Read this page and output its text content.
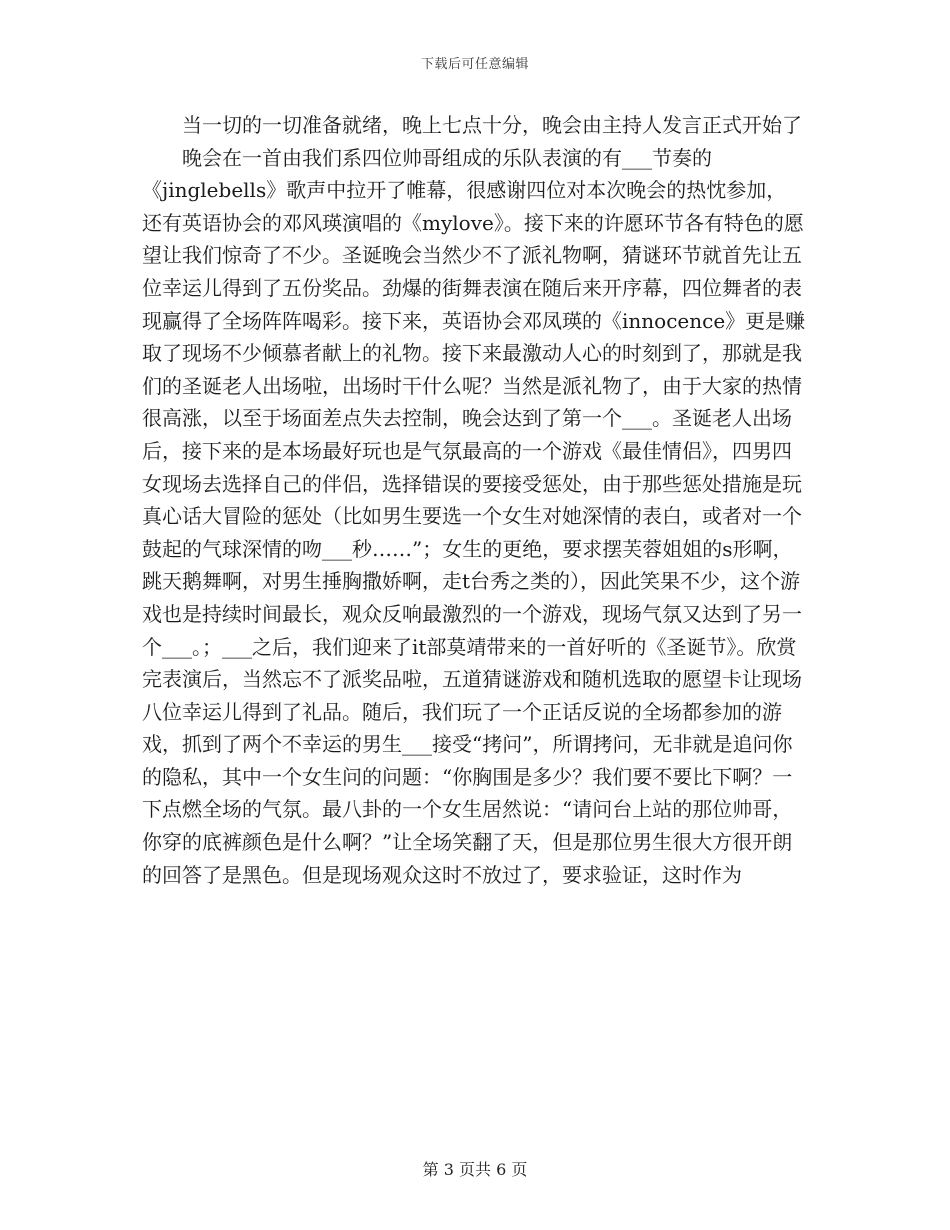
下载后可任意编辑

当一切的一切准备就绪，晚上七点十分，晚会由主持人发言正式开始了

晚会在一首由我们系四位帅哥组成的乐队表演的有___节奏的《jinglebells》歌声中拉开了帷幕，很感谢四位对本次晚会的热忱参加，还有英语协会的邓风瑛演唱的《mylove》。接下来的许愿环节各有特色的愿望让我们惊奇了不少。圣诞晚会当然少不了派礼物啊，猜谜环节就首先让五位幸运儿得到了五份奖品。劲爆的街舞表演在随后来开序幕，四位舞者的表现赢得了全场阵阵喝彩。接下来，英语协会邓凤瑛的《innocence》更是赚取了现场不少倾慕者献上的礼物。接下来最激动人心的时刻到了，那就是我们的圣诞老人出场啦，出场时干什么呢？当然是派礼物了，由于大家的热情很高涨，以至于场面差点失去控制，晚会达到了第一个___。圣诞老人出场后，接下来的是本场最好玩也是气氛最高的一个游戏《最佳情侣》，四男四女现场去选择自己的伴侣，选择错误的要接受惩处，由于那些惩处措施是玩真心话大冒险的惩处（比如男生要选一个女生对她深情的表白，或者对一个鼓起的气球深情的吻___秒……”；女生的更绝，要求摆芙蓉姐姐的s形啊，跳天鹅舞啊，对男生捶胸撒娇啊，走t台秀之类的），因此笑果不少，这个游戏也是持续时间最长，观众反响最激烈的一个游戏，现场气氛又达到了另一个___。；___之后，我们迎来了it部莫靖带来的一首好听的《圣诞节》。欣赏完表演后，当然忘不了派奖品啦，五道猜谜游戏和随机选取的愿望卡让现场八位幸运儿得到了礼品。随后，我们玩了一个正话反说的全场都参加的游戏，抓到了两个不幸运的男生___接受“拷问”，所谓拷问，无非就是追问你的隐私，其中一个女生问的问题：“你胸围是多少？我们要不要比下啊？一下点燃全场的气氛。最八卦的一个女生居然说：“请问台上站的那位帅哥，你穿的底裤颜色是什么啊？”让全场笑翻了天，但是那位男生很大方很开朗的回答了是黑色。但是现场观众这时不放过了，要求验证，这时作为

第 3 页共 6 页
